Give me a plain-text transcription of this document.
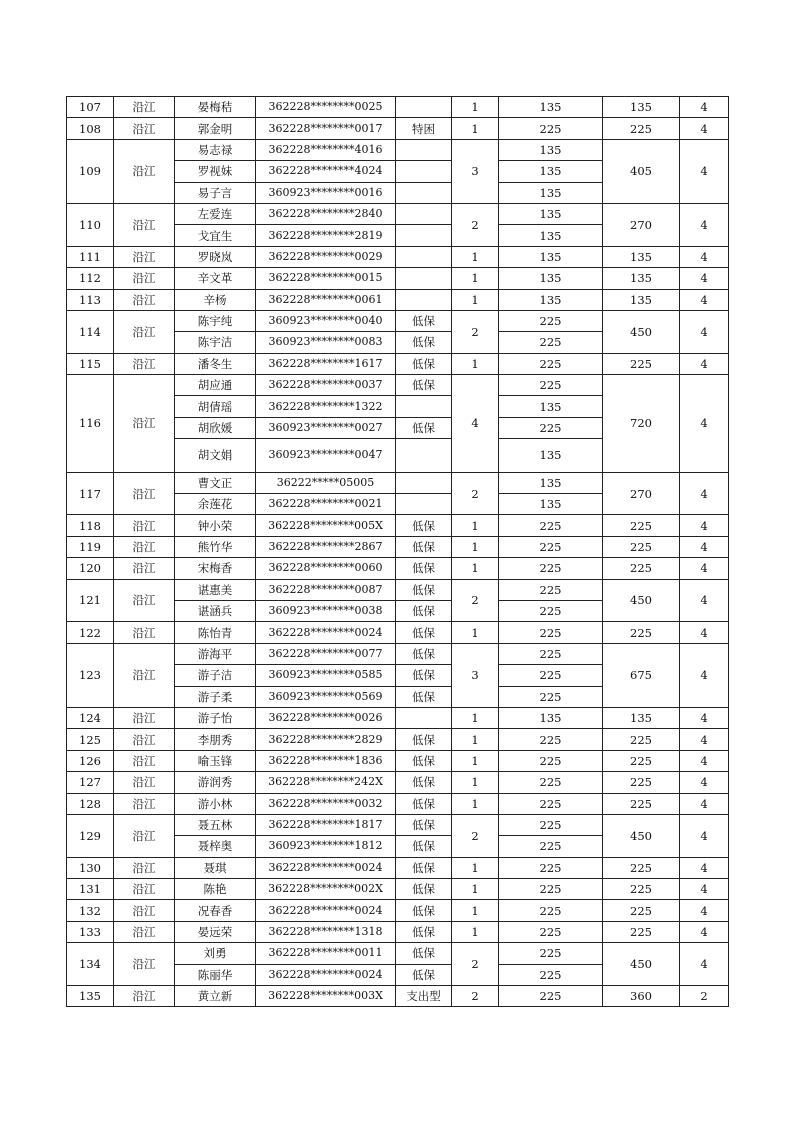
107	沿江	晏梅秸	362228********0025		1	135	135	4
108	沿江	郭金明	362228********0017	特困	1	225	225	4
109	沿江	易志禄	362228********4016		3	135	405	4
		罗视妹	362228********4024			135		
		易子言	360923********0016			135		
110	沿江	左爱连	362228********2840		2	135	270	4
		戈宜生	362228********2819			135		
111	沿江	罗晓岚	362228********0029		1	135	135	4
112	沿江	辛文革	362228********0015		1	135	135	4
113	沿江	辛杨	362228********0061		1	135	135	4
114	沿江	陈宇纯	360923********0040	低保	2	225	450	4
		陈宇洁	360923********0083	低保		225		
115	沿江	潘冬生	362228********1617	低保	1	225	225	4
116	沿江	胡应通	362228********0037	低保	4	225	720	4
		胡倩瑶	362228********1322			135		
		胡欣媛	360923********0027	低保		225		
		胡文娟	360923********0047			135		
117	沿江	曹文正	36222*****05005		2	135	270	4
		余莲花	362228********0021			135		
118	沿江	钟小荣	362228********005X	低保	1	225	225	4
119	沿江	熊竹华	362228********2867	低保	1	225	225	4
120	沿江	宋梅香	362228********0060	低保	1	225	225	4
121	沿江	谌惠美	362228********0087	低保	2	225	450	4
		谌涵兵	360923********0038	低保		225		
122	沿江	陈怡青	362228********0024	低保	1	225	225	4
123	沿江	游海平	362228********0077	低保	3	225	675	4
		游子洁	360923********0585	低保		225		
		游子柔	360923********0569	低保		225		
124	沿江	游子怡	362228********0026		1	135	135	4
125	沿江	李朋秀	362228********2829	低保	1	225	225	4
126	沿江	喻玉锋	362228********1836	低保	1	225	225	4
127	沿江	游润秀	362228********242X	低保	1	225	225	4
128	沿江	游小林	362228********0032	低保	1	225	225	4
129	沿江	聂五林	362228********1817	低保	2	225	450	4
		聂梓奥	360923********1812	低保		225		
130	沿江	聂琪	362228********0024	低保	1	225	225	4
131	沿江	陈艳	362228********002X	低保	1	225	225	4
132	沿江	况春香	362228********0024	低保	1	225	225	4
133	沿江	晏远荣	362228********1318	低保	1	225	225	4
134	沿江	刘勇	362228********0011	低保	2	225	450	4
		陈丽华	362228********0024	低保		225		
135	沿江	黄立新	362228********003X	支出型	2	225	360	2
